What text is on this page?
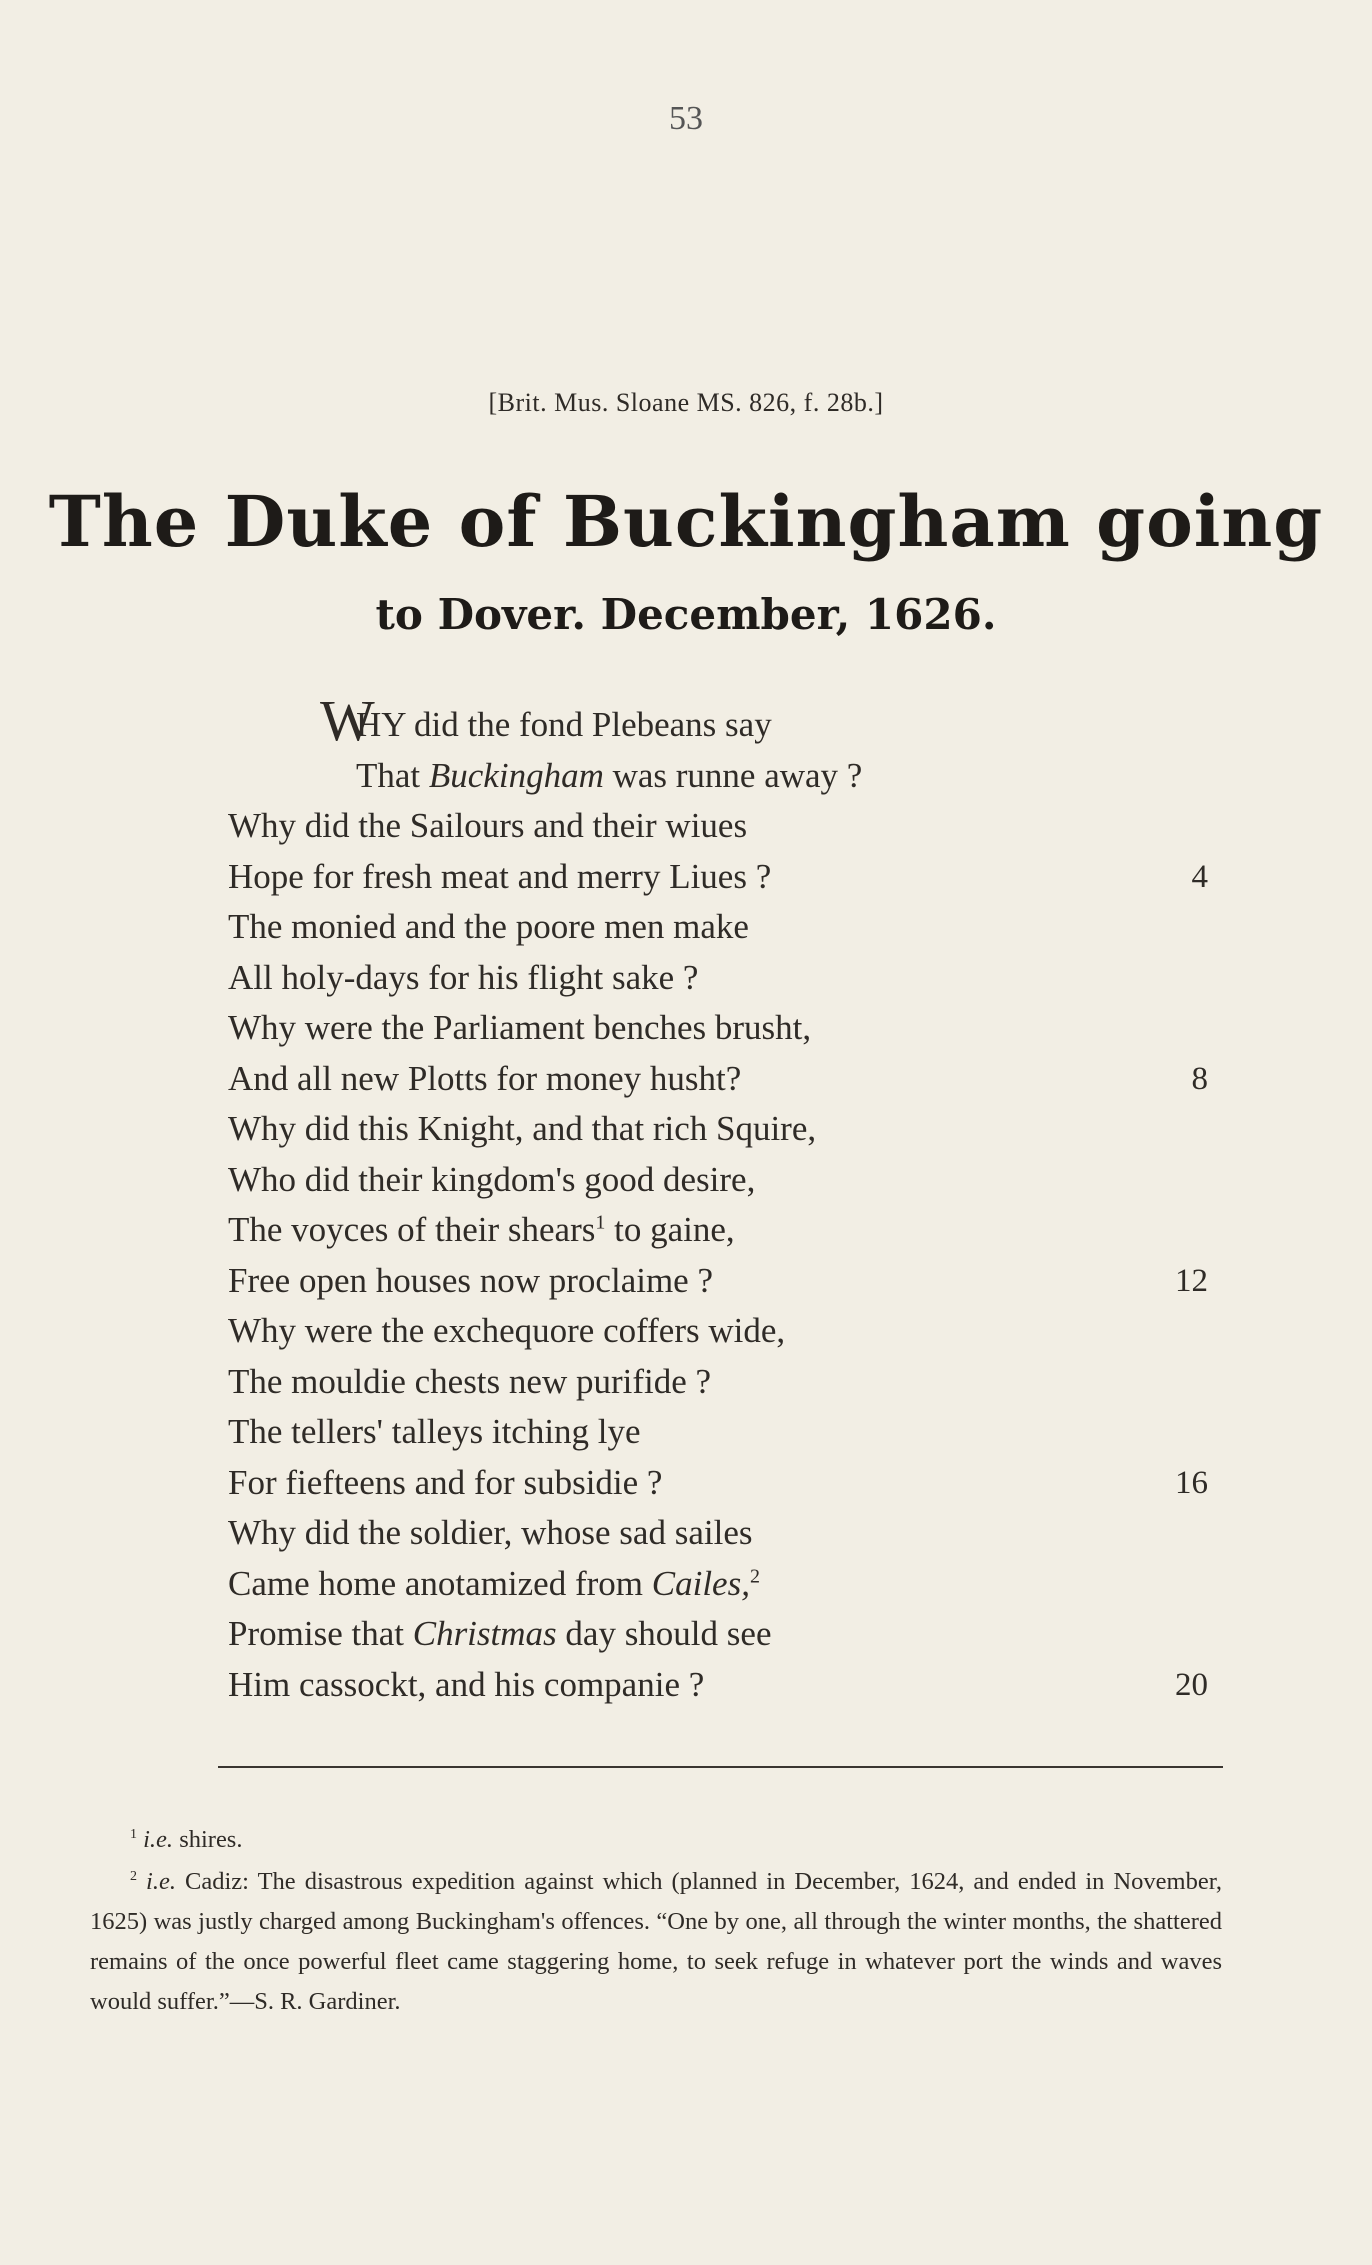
53
[Brit. Mus. Sloane MS. 826, f. 28b.]
The Duke of Buckingham going
to Dover. December, 1626.
W
HY did the fond Plebeans say
That Buckingham was runne away ?
Why did the Sailours and their wiues
Hope for fresh meat and merry Liues ?	4
The monied and the poore men make
All holy-days for his flight sake ?
Why were the Parliament benches brusht,
And all new Plotts for money husht?	8
Why did this Knight, and that rich Squire,
Who did their kingdom's good desire,
The voyces of their shears$^1$ to gaine,
Free open houses now proclaime ?	12
Why were the exchequore coffers wide,
The mouldie chests new purifide ?
The tellers' talleys itching lye
For fiefteens and for subsidie ?	16
Why did the soldier, whose sad sailes
Came home anotamized from Cailes,$^2$
Promise that Christmas day should see
Him cassockt, and his companie ?	20
$^1$ i.e. shires.
$^2$ i.e. Cadiz: The disastrous expedition against which (planned in December, 1624, and ended in November, 1625) was justly charged among Buckingham's offences. “One by one, all through the winter months, the shattered remains of the once powerful fleet came staggering home, to seek refuge in whatever port the winds and waves would suffer.”—S. R. Gardiner.
